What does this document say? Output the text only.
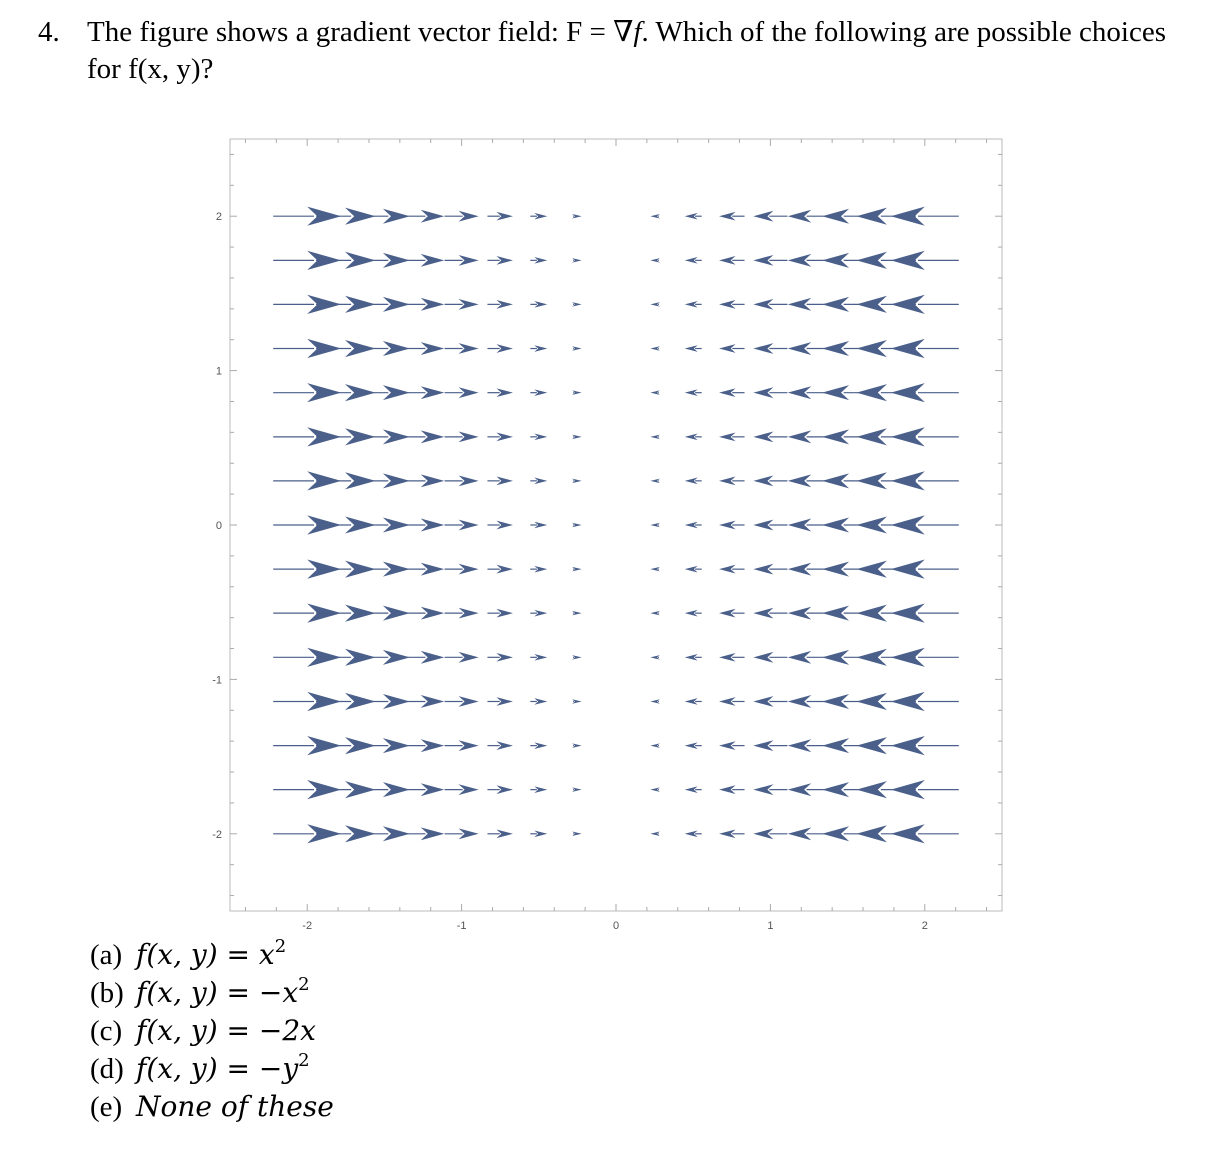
4. The figure shows a gradient vector field: F = ∇f. Which of the following are possible choices for f(x, y)?
-2	-1	0	1	2
2
1
0
-1
-2
(a) f(x, $y) = x^2$
(b) f(x, $y) = -x^2$
(c) f(x, y) = −2x
(d) f(x, $y) = -y^2$
(e) None of these
